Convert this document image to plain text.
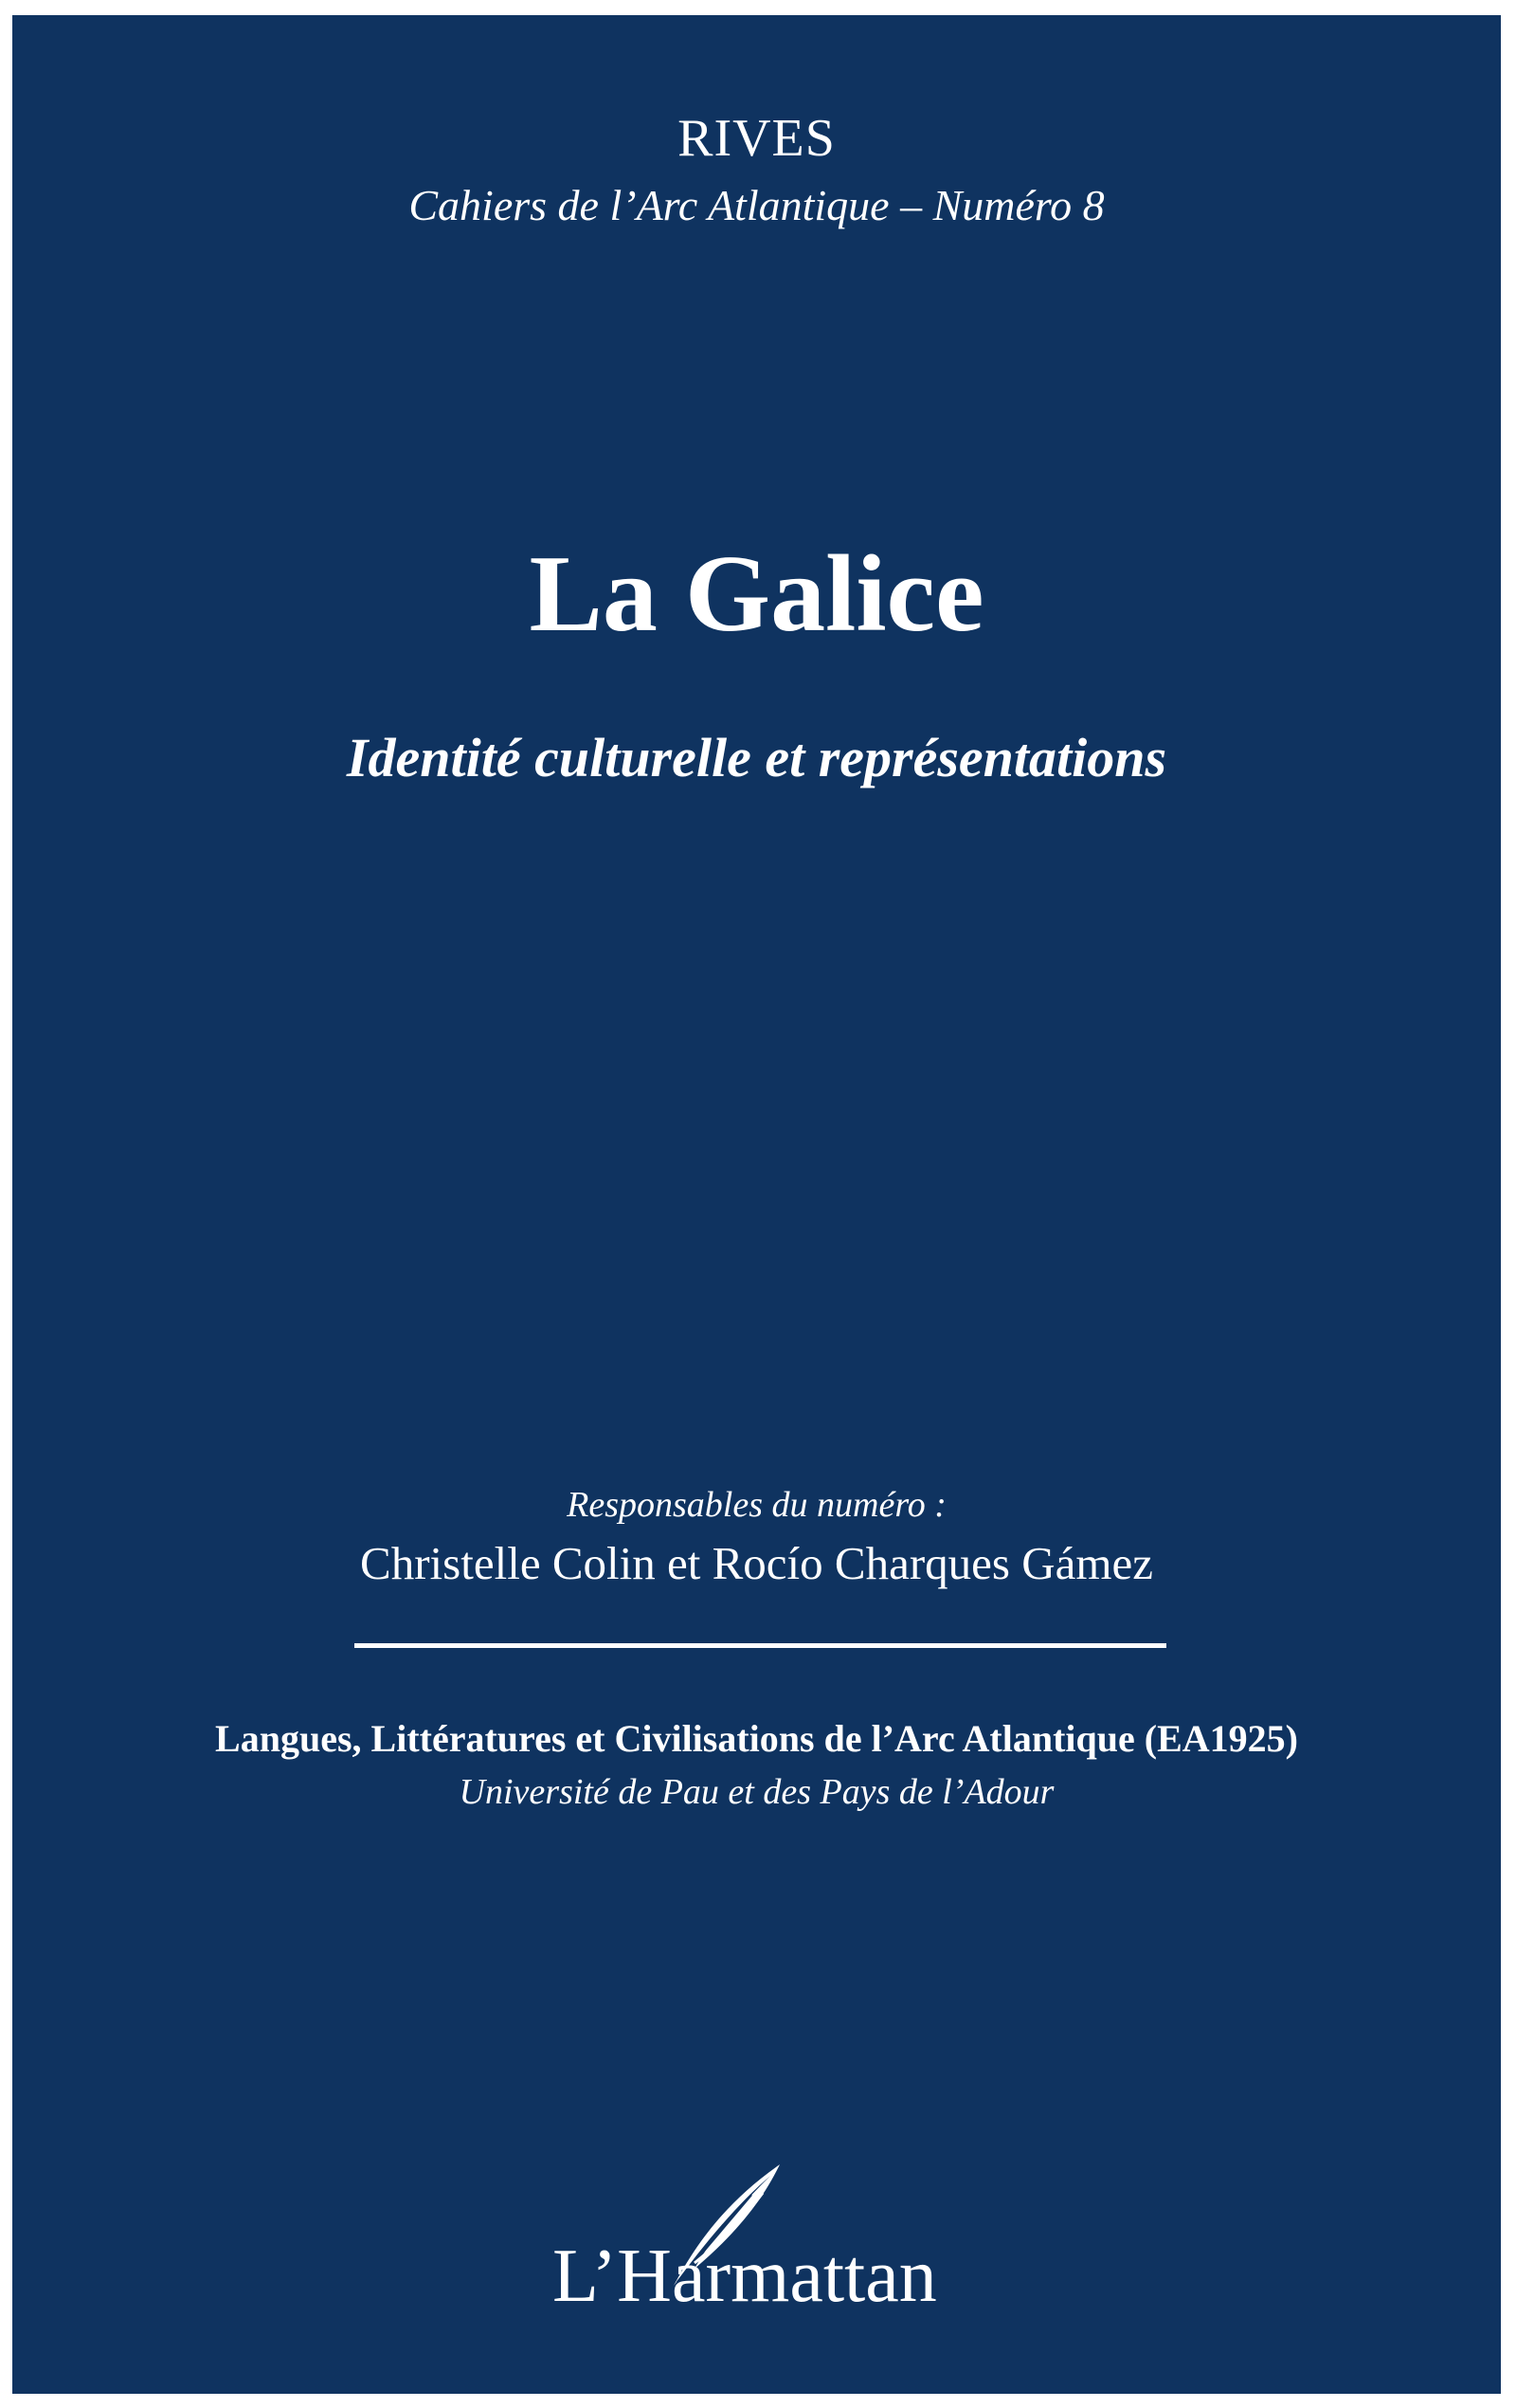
RIVES
Cahiers de l’Arc Atlantique – Numéro 8
La Galice
Identité culturelle et représentations
Responsables du numéro :
Christelle Colin et Rocío Charques Gámez
Langues, Littératures et Civilisations de l’Arc Atlantique (EA1925)
Université de Pau et des Pays de l’Adour
L’Harmattan
